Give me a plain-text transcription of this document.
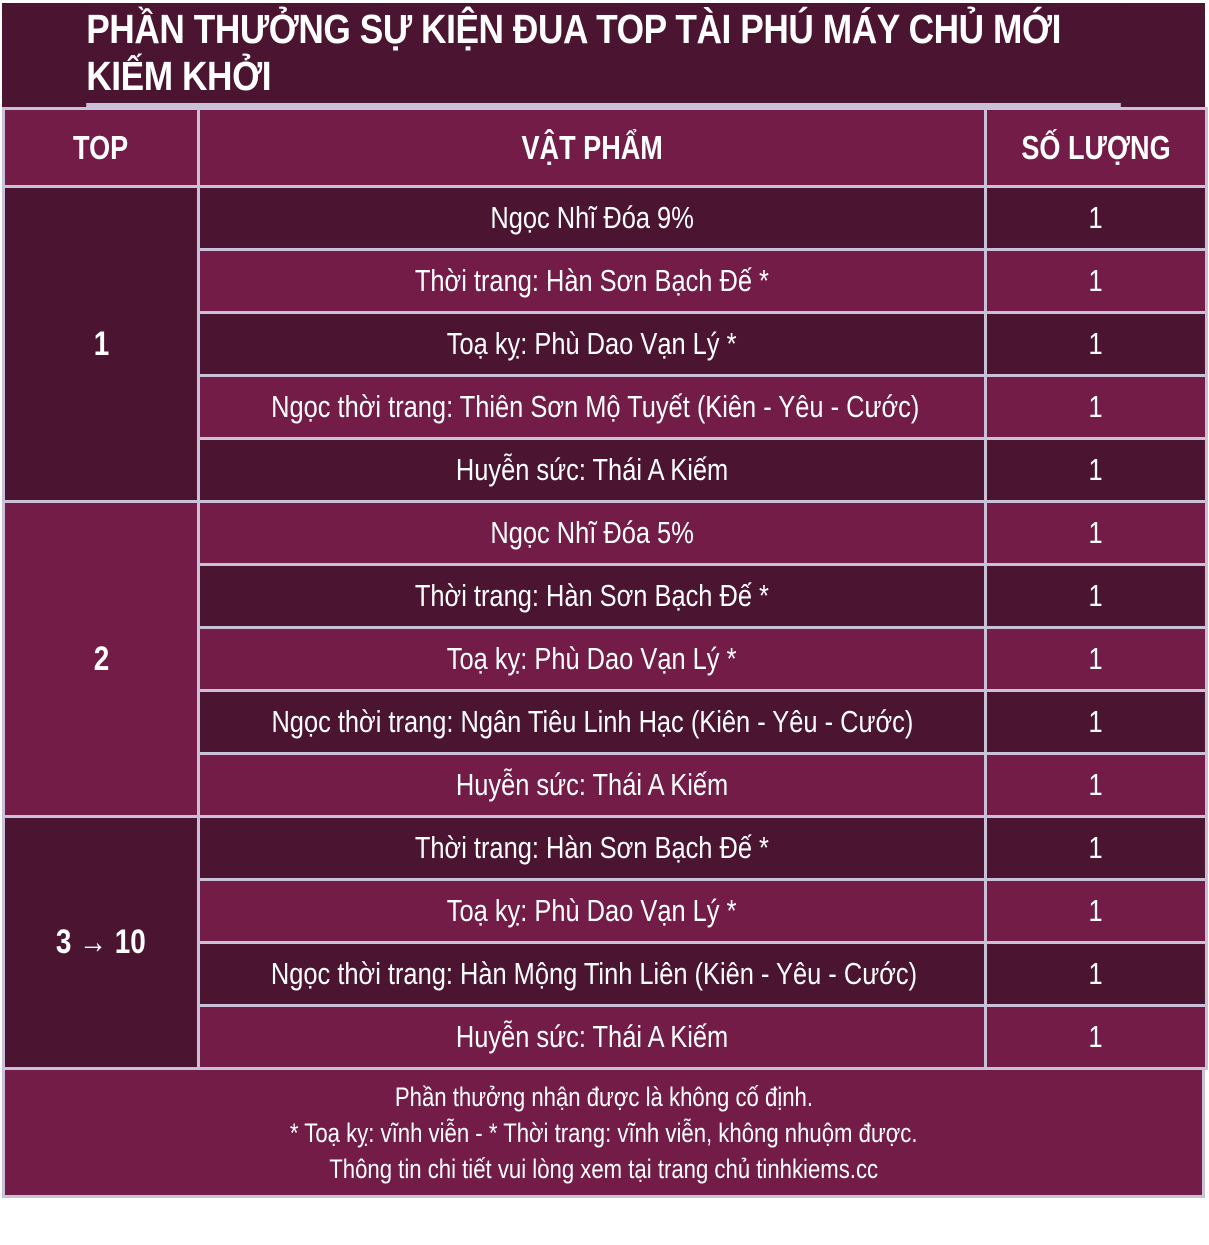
PHẦN THƯỞNG SỰ KIỆN ĐUA TOP TÀI PHÚ MÁY CHỦ MỚI KIẾM KHỞI
TOP	VẬT PHẨM	SỐ LƯỢNG
1	Ngọc Nhĩ Đóa 9%	1
	Thời trang: Hàn Sơn Bạch Đế *	1
	Toạ kỵ: Phù Dao Vạn Lý *	1
	Ngọc thời trang: Thiên Sơn Mộ Tuyết (Kiên - Yêu - Cước)	1
	Huyễn sức: Thái A Kiếm	1
2	Ngọc Nhĩ Đóa 5%	1
	Thời trang: Hàn Sơn Bạch Đế *	1
	Toạ kỵ: Phù Dao Vạn Lý *	1
	Ngọc thời trang: Ngân Tiêu Linh Hạc (Kiên - Yêu - Cước)	1
	Huyễn sức: Thái A Kiếm	1
3 → 10	Thời trang: Hàn Sơn Bạch Đế *	1
	Toạ kỵ: Phù Dao Vạn Lý *	1
	Ngọc thời trang: Hàn Mộng Tinh Liên (Kiên - Yêu - Cước)	1
	Huyễn sức: Thái A Kiếm	1
Phần thưởng nhận được là không cố định.
* Toạ kỵ: vĩnh viễn - * Thời trang: vĩnh viễn, không nhuộm được.
Thông tin chi tiết vui lòng xem tại trang chủ tinhkiems.cc
